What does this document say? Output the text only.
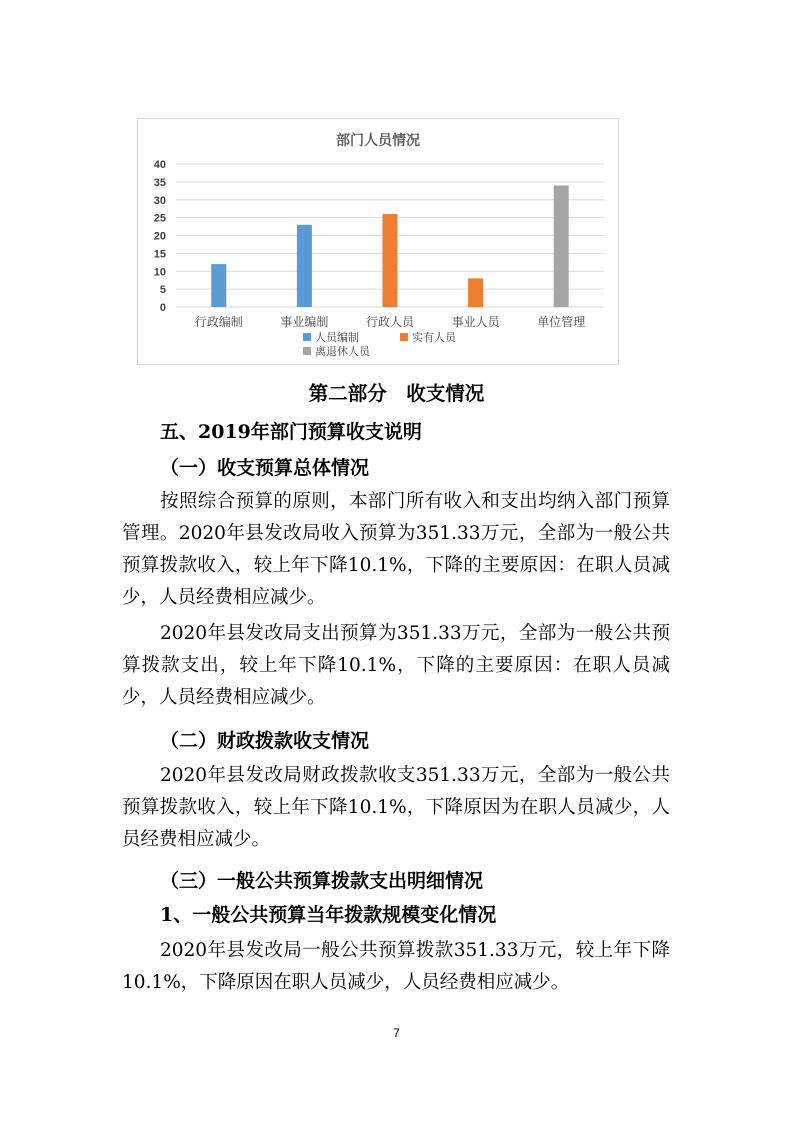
部门人员情况
0
5
10
15
20
25
30
35
40
行政编制	事业编制	行政人员	事业人员	单位管理
人员编制	实有人员
离退休人员
第二部分　收支情况
五、2019年部门预算收支说明
（一）收支预算总体情况
按照综合预算的原则，本部门所有收入和支出均纳入部门预算管理。2020年县发改局收入预算为351.33万元，全部为一般公共预算拨款收入，较上年下降10.1%，下降的主要原因：在职人员减少，人员经费相应减少。
2020年县发改局支出预算为351.33万元，全部为一般公共预算拨款支出，较上年下降10.1%，下降的主要原因：在职人员减少，人员经费相应减少。
（二）财政拨款收支情况
2020年县发改局财政拨款收支351.33万元，全部为一般公共预算拨款收入，较上年下降10.1%，下降原因为在职人员减少，人员经费相应减少。
（三）一般公共预算拨款支出明细情况
1、一般公共预算当年拨款规模变化情况
2020年县发改局一般公共预算拨款351.33万元，较上年下降10.1%，下降原因在职人员减少，人员经费相应减少。
7
